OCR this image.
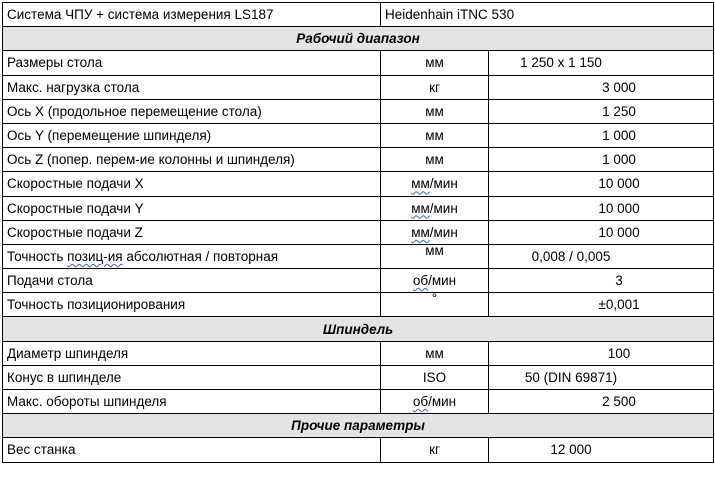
Система ЧПУ + система измерения LS187	Heidenhain iTNC 530	
Рабочий диапазон		
Размеры стола	мм	1 250 x 1 150
Макс. нагрузка стола	кг	3 000
Ось X (продольное перемещение стола)	мм	1 250
Ось Y (перемещение шпинделя)	мм	1 000
Ось Z (попер. перем-ие колонны и шпинделя)	мм	1 000
Скоростные подачи X	мм/мин	10 000
Скоростные подачи Y	мм/мин	10 000
Скоростные подачи Z	мм/мин	10 000
Точность позиц-ия абсолютная / повторная	мм	0,008 / 0,005
Подачи стола	об/мин	3
Точность позиционирования	°	±0,001
Шпиндель		
Диаметр шпинделя	мм	100
Конус в шпинделе	ISO	50 (DIN 69871)
Макс. обороты шпинделя	об/мин	2 500
Прочие параметры		
Вес станка	кг	12 000
